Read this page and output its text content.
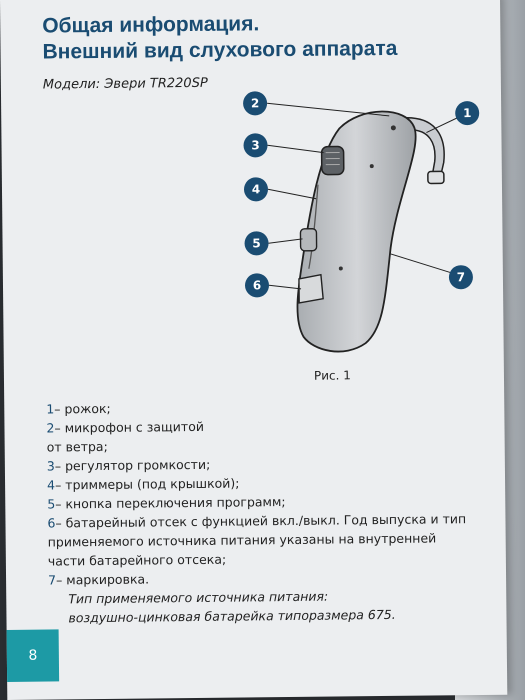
Общая информация.
Внешний вид слухового аппарата
Модели: Эвери TR220SP
2
1
3
4
5
6
7
Рис. 1
1– рожок;
2– микрофон с защитой
от ветра;
3– регулятор громкости;
4– триммеры (под крышкой);
5– кнопка переключения программ;
6– батарейный отсек с функцией вкл./выкл. Год выпуска и тип
применяемого источника питания указаны на внутренней
части батарейного отсека;
7– маркировка.
Тип применяемого источника питания:
воздушно-цинковая батарейка типоразмера 675.
8
